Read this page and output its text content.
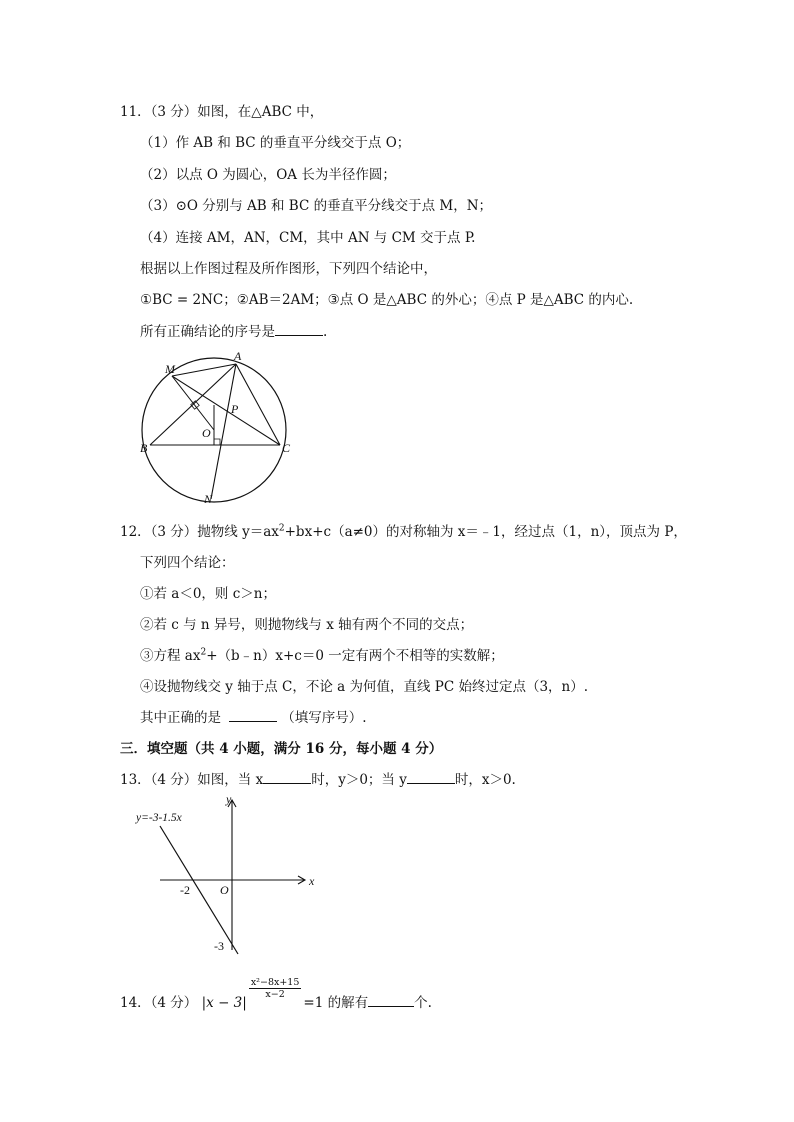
11．（3 分）如图，在△ABC 中，
（1）作 AB 和 BC 的垂直平分线交于点 O；
（2）以点 O 为圆心，OA 长为半径作圆；
（3）⊙O 分别与 AB 和 BC 的垂直平分线交于点 M，N；
（4）连接 AM，AN，CM，其中 AN 与 CM 交于点 P.
根据以上作图过程及所作图形，下列四个结论中，
①BC = 2NC；②AB＝2AM；③点 O 是△ABC 的外心；④点 P 是△ABC 的内心.
所有正确结论的序号是	.
M
A
P
O
B	C
N
12．（3 分）抛物线 $y=ax^2+bx+c(a\ne 0)$的对称轴为 x＝﹣1，经过点（1，n），顶点为 P，
下列四个结论：
①若 a＜0，则 c＞n；
②若 c 与 n 异号，则抛物线与 x 轴有两个不同的交点；
③方程 $ax^2+(b﹣n)x+c=0$ 一定有两个不相等的实数解；
④设抛物线交 y 轴于点 C，不论 a 为何值，直线 PC 始终过定点（3，n）.
其中正确的是	（填写序号）.
三．填空题（共 4 小题，满分 16 分，每小题 4 分）
13．（4 分）如图，当 x	时，y＞0；当 y	时，x＞0.
y=-3-1.5x
y
x
O
-2
-3
14．（4 分） |x − 3|
$\frac{\text{x²−8x+15}}{x-2}$
=1 的解有	个.
